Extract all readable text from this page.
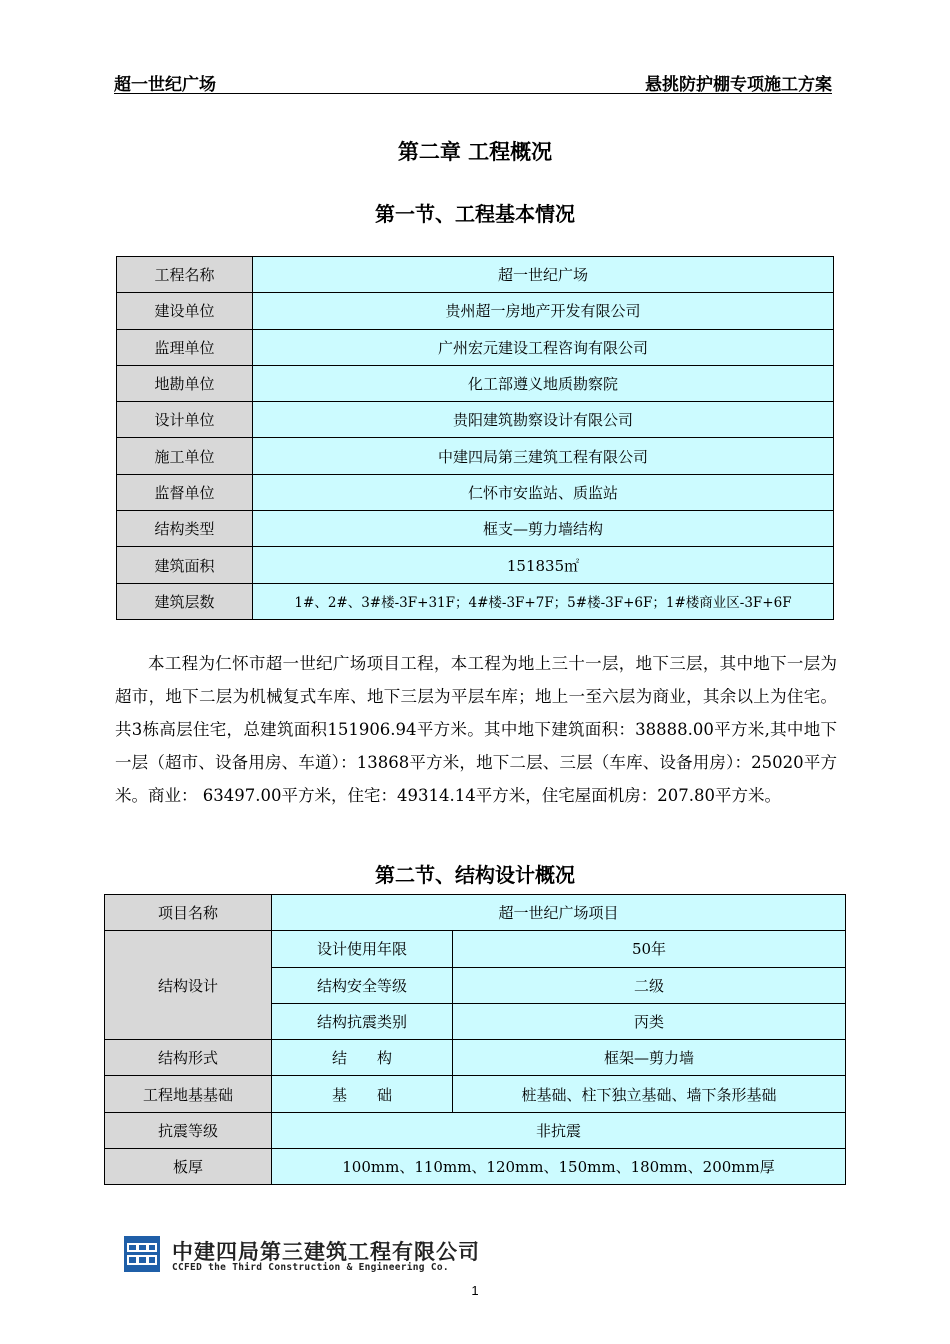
超一世纪广场	悬挑防护棚专项施工方案
第二章 工程概况
第一节、工程基本情况
工程名称	超一世纪广场
建设单位	贵州超一房地产开发有限公司
监理单位	广州宏元建设工程咨询有限公司
地勘单位	化工部遵义地质勘察院
设计单位	贵阳建筑勘察设计有限公司
施工单位	中建四局第三建筑工程有限公司
监督单位	仁怀市安监站、质监站
结构类型	框支—剪力墙结构
建筑面积	151835㎡
建筑层数	1#、2#、3#楼-3F+31F；4#楼-3F+7F；5#楼-3F+6F；1#楼商业区-3F+6F

本工程为仁怀市超一世纪广场项目工程，本工程为地上三十一层，地下三层，其中地下一层为超市，地下二层为机械复式车库、地下三层为平层车库；地上一至六层为商业，其余以上为住宅。共3栋高层住宅，总建筑面积151906.94平方米。其中地下建筑面积：38888.00平方米,其中地下一层（超市、设备用房、车道）：13868平方米，地下二层、三层（车库、设备用房）：25020平方米。商业： 63497.00平方米，住宅：49314.14平方米，住宅屋面机房：207.80平方米。

第二节、结构设计概况
项目名称	超一世纪广场项目	
结构设计	设计使用年限	50年
	结构安全等级	二级
	结构抗震类别	丙类
结构形式	结　　构	框架—剪力墙
工程地基基础	基　　础	桩基础、柱下独立基础、墙下条形基础
抗震等级	非抗震	
板厚	100mm、110mm、120mm、150mm、180mm、200mm厚	
中建四局第三建筑工程有限公司
CCFED the Third Construction & Engineering Co.
1
